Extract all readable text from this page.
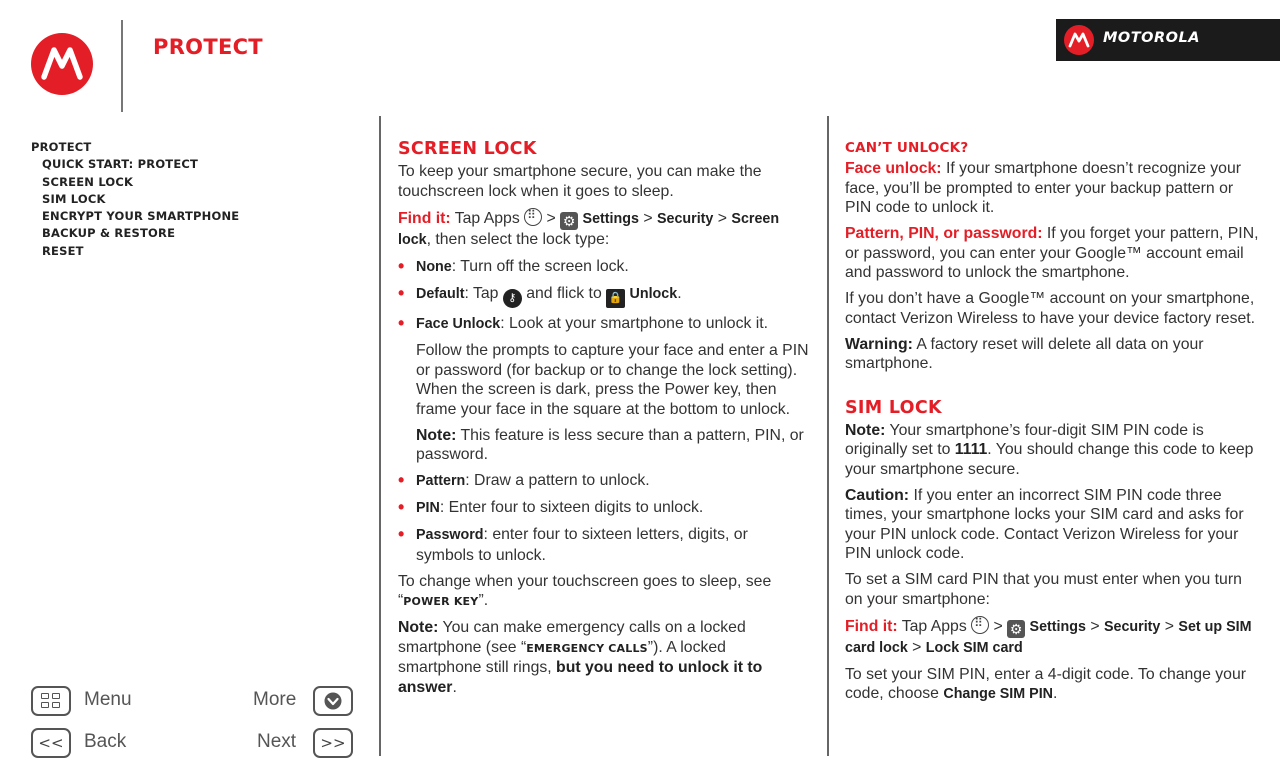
PROTECT	MOTOROLA
PROTECT
QUICK START: PROTECT
SCREEN LOCK
SIM LOCK
ENCRYPT YOUR SMARTPHONE
BACKUP & RESTORE
RESET
SCREEN LOCK

To keep your smartphone secure, you can make the touchscreen lock when it goes to sleep.

Find it: Tap Apps ⠿ > ⚙ Settings > Security > Screen lock, then select the lock type:

• None: Turn off the screen lock.
• Default: Tap ⚷ and flick to 🔒 Unlock.
• Face Unlock: Look at your smartphone to unlock it.

Follow the prompts to capture your face and enter a PIN or password (for backup or to change the lock setting). When the screen is dark, press the Power key, then frame your face in the square at the bottom to unlock.

Note: This feature is less secure than a pattern, PIN, or password.

• Pattern: Draw a pattern to unlock.
• PIN: Enter four to sixteen digits to unlock.
• Password: enter four to sixteen letters, digits, or symbols to unlock.

To change when your touchscreen goes to sleep, see “POWER KEY”.

Note: You can make emergency calls on a locked smartphone (see “EMERGENCY CALLS”). A locked smartphone still rings, but you need to unlock it to answer.

CAN’T UNLOCK?

Face unlock: If your smartphone doesn’t recognize your face, you’ll be prompted to enter your backup pattern or PIN code to unlock it.

Pattern, PIN, or password: If you forget your pattern, PIN, or password, you can enter your Google™ account email and password to unlock the smartphone.

If you don’t have a Google™ account on your smartphone, contact Verizon Wireless to have your device factory reset.

Warning: A factory reset will delete all data on your smartphone.

SIM LOCK

Note: Your smartphone’s four-digit SIM PIN code is originally set to 1111. You should change this code to keep your smartphone secure.

Caution: If you enter an incorrect SIM PIN code three times, your smartphone locks your SIM card and asks for your PIN unlock code. Contact Verizon Wireless for your PIN unlock code.

To set a SIM card PIN that you must enter when you turn on your smartphone:

Find it: Tap Apps ⠿ > ⚙ Settings > Security > Set up SIM card lock > Lock SIM card

To set your SIM PIN, enter a 4-digit code. To change your code, choose Change SIM PIN.

Menu	More
<< Back	Next	>>
